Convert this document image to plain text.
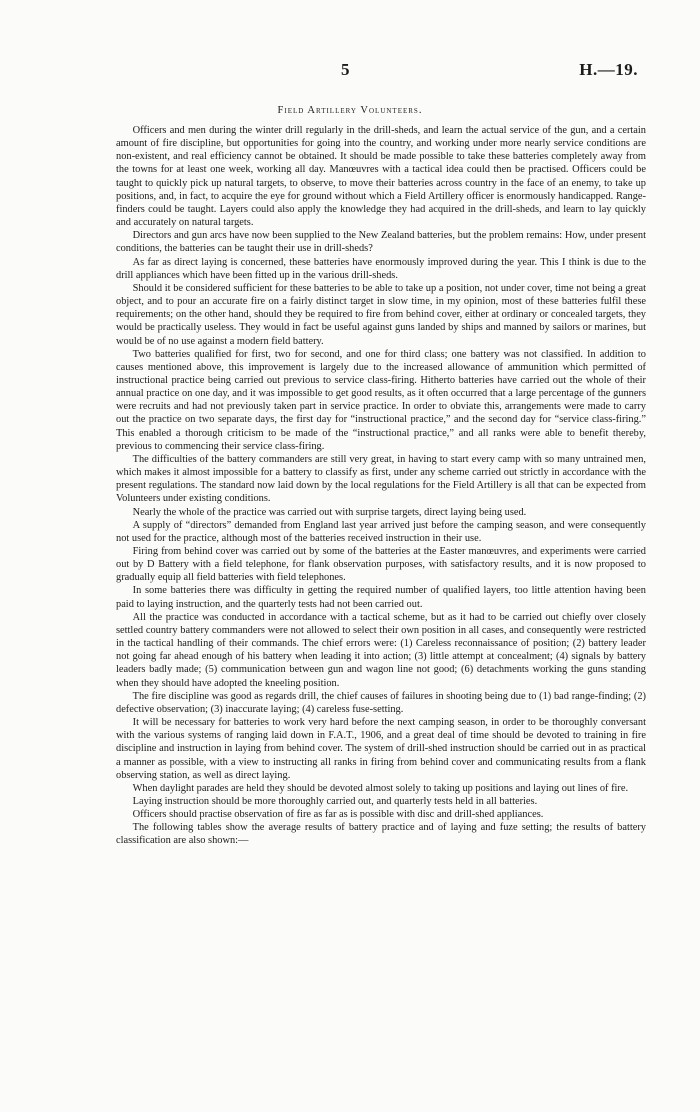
5	H.—19.
Field Artillery Volunteers.

Officers and men during the winter drill regularly in the drill-sheds, and learn the actual service of the gun, and a certain amount of fire discipline, but opportunities for going into the country, and working under more nearly service conditions are non-existent, and real efficiency cannot be obtained. It should be made possible to take these batteries completely away from the towns for at least one week, working all day. Manœuvres with a tactical idea could then be practised. Officers could be taught to quickly pick up natural targets, to observe, to move their batteries across country in the face of an enemy, to take up positions, and, in fact, to acquire the eye for ground without which a Field Artillery officer is enormously handicapped. Range-finders could be taught. Layers could also apply the knowledge they had acquired in the drill-sheds, and learn to lay quickly and accurately on natural targets.

Directors and gun arcs have now been supplied to the New Zealand batteries, but the problem remains: How, under present conditions, the batteries can be taught their use in drill-sheds?

As far as direct laying is concerned, these batteries have enormously improved during the year. This I think is due to the drill appliances which have been fitted up in the various drill-sheds.

Should it be considered sufficient for these batteries to be able to take up a position, not under cover, time not being a great object, and to pour an accurate fire on a fairly distinct target in slow time, in my opinion, most of these batteries fulfil these requirements; on the other hand, should they be required to fire from behind cover, either at ordinary or concealed targets, they would be practically useless. They would in fact be useful against guns landed by ships and manned by sailors or marines, but would be of no use against a modern field battery.

Two batteries qualified for first, two for second, and one for third class; one battery was not classified. In addition to causes mentioned above, this improvement is largely due to the increased allowance of ammunition which permitted of instructional practice being carried out previous to service class-firing. Hitherto batteries have carried out the whole of their annual practice on one day, and it was impossible to get good results, as it often occurred that a large percentage of the gunners were recruits and had not previously taken part in service practice. In order to obviate this, arrangements were made to carry out the practice on two separate days, the first day for “instructional practice,” and the second day for “service class-firing.” This enabled a thorough criticism to be made of the “instructional practice,” and all ranks were able to benefit thereby, previous to commencing their service class-firing.

The difficulties of the battery commanders are still very great, in having to start every camp with so many untrained men, which makes it almost impossible for a battery to classify as first, under any scheme carried out strictly in accordance with the present regulations. The standard now laid down by the local regulations for the Field Artillery is all that can be expected from Volunteers under existing conditions.

Nearly the whole of the practice was carried out with surprise targets, direct laying being used.

A supply of “directors” demanded from England last year arrived just before the camping season, and were consequently not used for the practice, although most of the batteries received instruction in their use.

Firing from behind cover was carried out by some of the batteries at the Easter manœuvres, and experiments were carried out by D Battery with a field telephone, for flank observation purposes, with satisfactory results, and it is now proposed to gradually equip all field batteries with field telephones.

In some batteries there was difficulty in getting the required number of qualified layers, too little attention having been paid to laying instruction, and the quarterly tests had not been carried out.

All the practice was conducted in accordance with a tactical scheme, but as it had to be carried out chiefly over closely settled country battery commanders were not allowed to select their own position in all cases, and consequently were restricted in the tactical handling of their commands. The chief errors were: (1) Careless reconnaissance of position; (2) battery leader not going far ahead enough of his battery when leading it into action; (3) little attempt at concealment; (4) signals by battery leaders badly made; (5) communication between gun and wagon line not good; (6) detachments working the guns standing when they should have adopted the kneeling position.

The fire discipline was good as regards drill, the chief causes of failures in shooting being due to (1) bad range-finding; (2) defective observation; (3) inaccurate laying; (4) careless fuse-setting.

It will be necessary for batteries to work very hard before the next camping season, in order to be thoroughly conversant with the various systems of ranging laid down in F.A.T., 1906, and a great deal of time should be devoted to training in fire discipline and instruction in laying from behind cover. The system of drill-shed instruction should be carried out in as practical a manner as possible, with a view to instructing all ranks in firing from behind cover and communicating results from a flank observing station, as well as direct laying.

When daylight parades are held they should be devoted almost solely to taking up positions and laying out lines of fire.

Laying instruction should be more thoroughly carried out, and quarterly tests held in all batteries.

Officers should practise observation of fire as far as is possible with disc and drill-shed appliances.

The following tables show the average results of battery practice and of laying and fuze setting; the results of battery classification are also shown:—
